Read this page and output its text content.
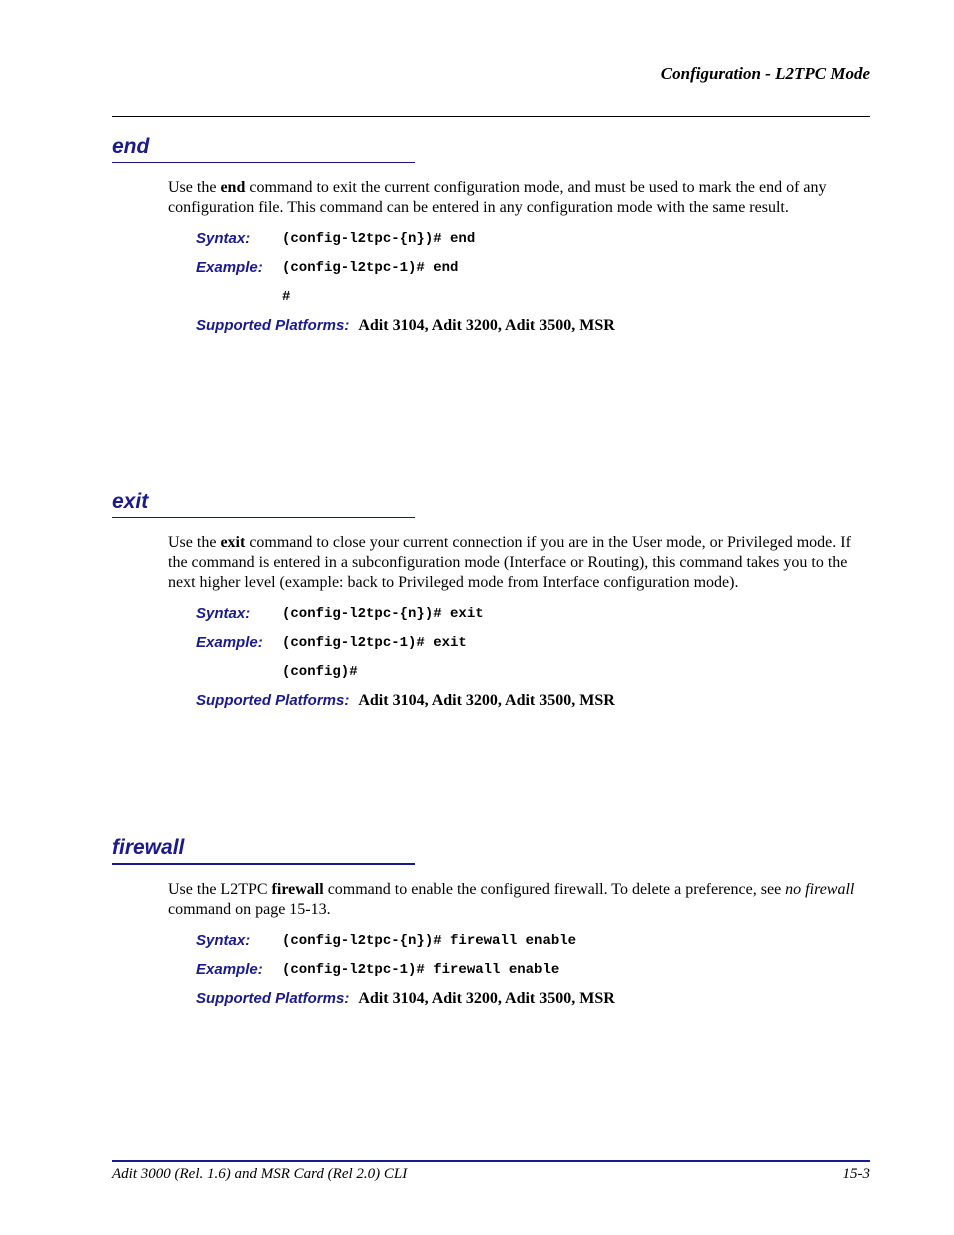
Configuration - L2TPC Mode
end

Use the end command to exit the current configuration mode, and must be used to mark the end of any configuration file. This command can be entered in any configuration mode with the same result.

Syntax:	(config-l2tpc-{n})# end
Example:	(config-l2tpc-1)# end
#
Supported Platforms: Adit 3104, Adit 3200, Adit 3500, MSR
exit

Use the exit command to close your current connection if you are in the User mode, or Privileged mode. If the command is entered in a subconfiguration mode (Interface or Routing), this command takes you to the next higher level (example: back to Privileged mode from Interface configuration mode).

Syntax:	(config-l2tpc-{n})# exit
Example:	(config-l2tpc-1)# exit
(config)#
Supported Platforms: Adit 3104, Adit 3200, Adit 3500, MSR
firewall

Use the L2TPC firewall command to enable the configured firewall. To delete a preference, see no firewall command on page 15-13.

Syntax:	(config-l2tpc-{n})# firewall enable
Example:	(config-l2tpc-1)# firewall enable
Supported Platforms: Adit 3104, Adit 3200, Adit 3500, MSR
Adit 3000 (Rel. 1.6) and MSR Card (Rel 2.0) CLI	15-3
